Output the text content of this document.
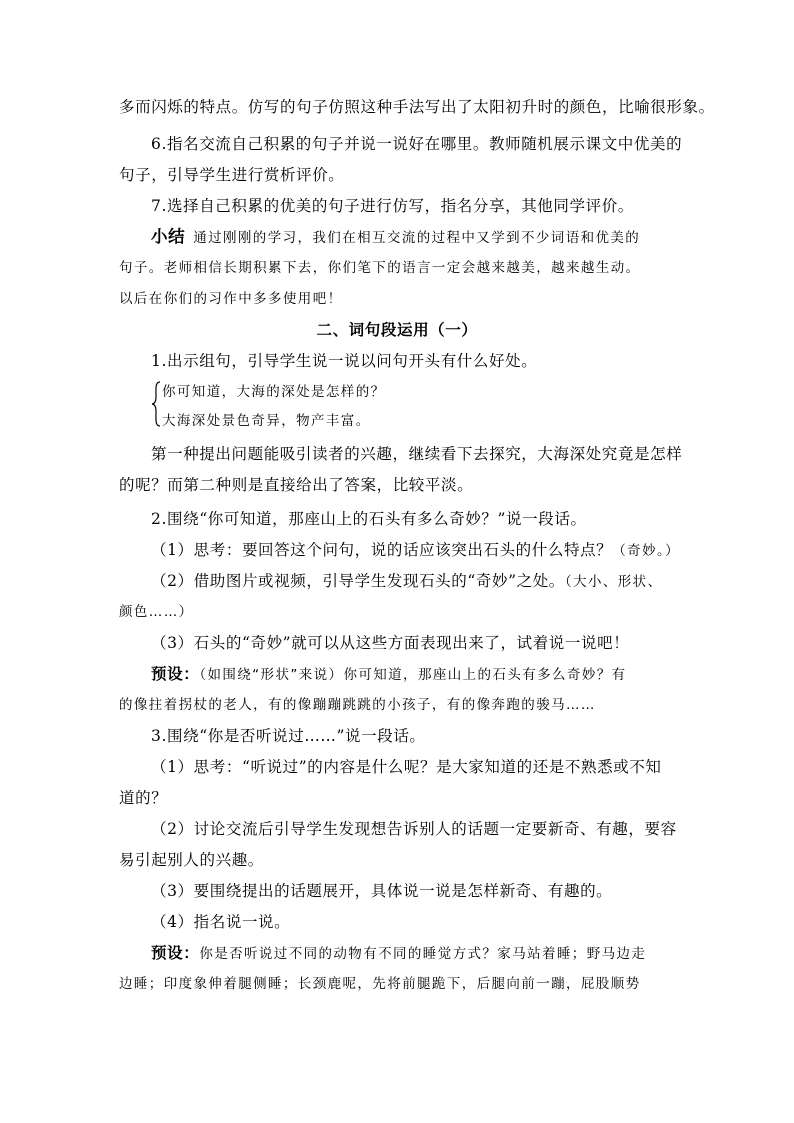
多而闪烁的特点。仿写的句子仿照这种手法写出了太阳初升时的颜色，比喻很形象。
6.指名交流自己积累的句子并说一说好在哪里。教师随机展示课文中优美的
句子，引导学生进行赏析评价。
7.选择自己积累的优美的句子进行仿写，指名分享，其他同学评价。
小结 通过刚刚的学习，我们在相互交流的过程中又学到不少词语和优美的
句子。老师相信长期积累下去，你们笔下的语言一定会越来越美，越来越生动。
以后在你们的习作中多多使用吧！
二、词句段运用（一）
1.出示组句，引导学生说一说以问句开头有什么好处。
你可知道，大海的深处是怎样的？
大海深处景色奇异，物产丰富。
第一种提出问题能吸引读者的兴趣，继续看下去探究，大海深处究竟是怎样
的呢？而第二种则是直接给出了答案，比较平淡。
2.围绕“你可知道，那座山上的石头有多么奇妙？”说一段话。
（1）思考：要回答这个问句，说的话应该突出石头的什么特点？（奇妙。）
（2）借助图片或视频，引导学生发现石头的“奇妙”之处。（大小、形状、
颜色……）
（3）石头的“奇妙”就可以从这些方面表现出来了，试着说一说吧！
预设：（如围绕“形状”来说）你可知道，那座山上的石头有多么奇妙？有
的像拄着拐杖的老人，有的像蹦蹦跳跳的小孩子，有的像奔跑的骏马……
3.围绕“你是否听说过……”说一段话。
（1）思考：“听说过”的内容是什么呢？是大家知道的还是不熟悉或不知
道的？
（2）讨论交流后引导学生发现想告诉别人的话题一定要新奇、有趣，要容
易引起别人的兴趣。
（3）要围绕提出的话题展开，具体说一说是怎样新奇、有趣的。
（4）指名说一说。
预设：你是否听说过不同的动物有不同的睡觉方式？家马站着睡；野马边走
边睡；印度象伸着腿侧睡；长颈鹿呢，先将前腿跪下，后腿向前一蹦，屁股顺势
